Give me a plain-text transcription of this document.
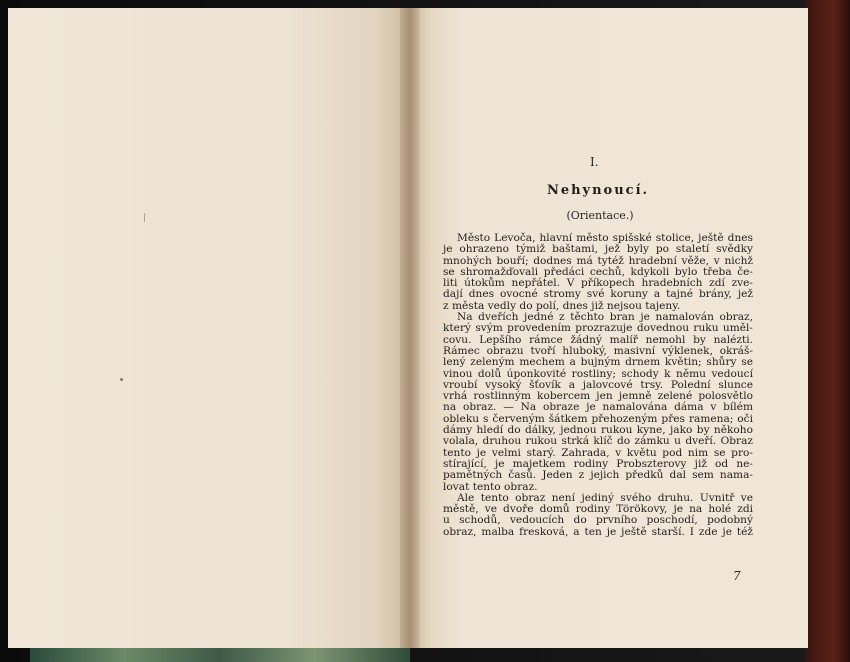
I.
Nehynoucí.
(Orientace.)
Město Levoča, hlavní město spišské stolice, ještě dnes
je ohrazeno týmiž baštami, jež byly po staletí svědky
mnohých bouří; dodnes má tytéž hradební věže, v nichž
se shromažďovali předáci cechů, kdykoli bylo třeba če-
liti útokům nepřátel. V příkopech hradebních zdí zve-
dají dnes ovocné stromy své koruny a tajné brány, jež
z města vedly do polí, dnes již nejsou tajeny.
Na dveřích jedné z těchto bran je namalován obraz,
který svým provedením prozrazuje dovednou ruku uměl-
covu. Lepšího rámce žádný malíř nemohl by nalézti.
Rámec obrazu tvoří hluboký, masivní výklenek, okráš-
lený zeleným mechem a bujným drnem květin; shůry se
vinou dolů úponkovité rostliny; schody k němu vedoucí
vroubí vysoký šťovík a jalovcové trsy. Polední slunce
vrhá rostlinným kobercem jen jemně zelené polosvětlo
na obraz. — Na obraze je namalována dáma v bílém
obleku s červeným šátkem přehozeným přes ramena; oči
dámy hledí do dálky, jednou rukou kyne, jako by někoho
volala, druhou rukou strká klíč do zámku u dveří. Obraz
tento je velmi starý. Zahrada, v květu pod nim se pro-
stírající, je majetkem rodiny Probszterovy již od ne-
pamětných časů. Jeden z jejich předků dal sem nama-
lovat tento obraz.
Ale tento obraz není jediný svého druhu. Uvnitř ve
městě, ve dvoře domů rodiny Törökovy, je na holé zdi
u schodů, vedoucích do prvního poschodí, podobný
obraz, malba fresková, a ten je ještě starší. I zde je též
7
